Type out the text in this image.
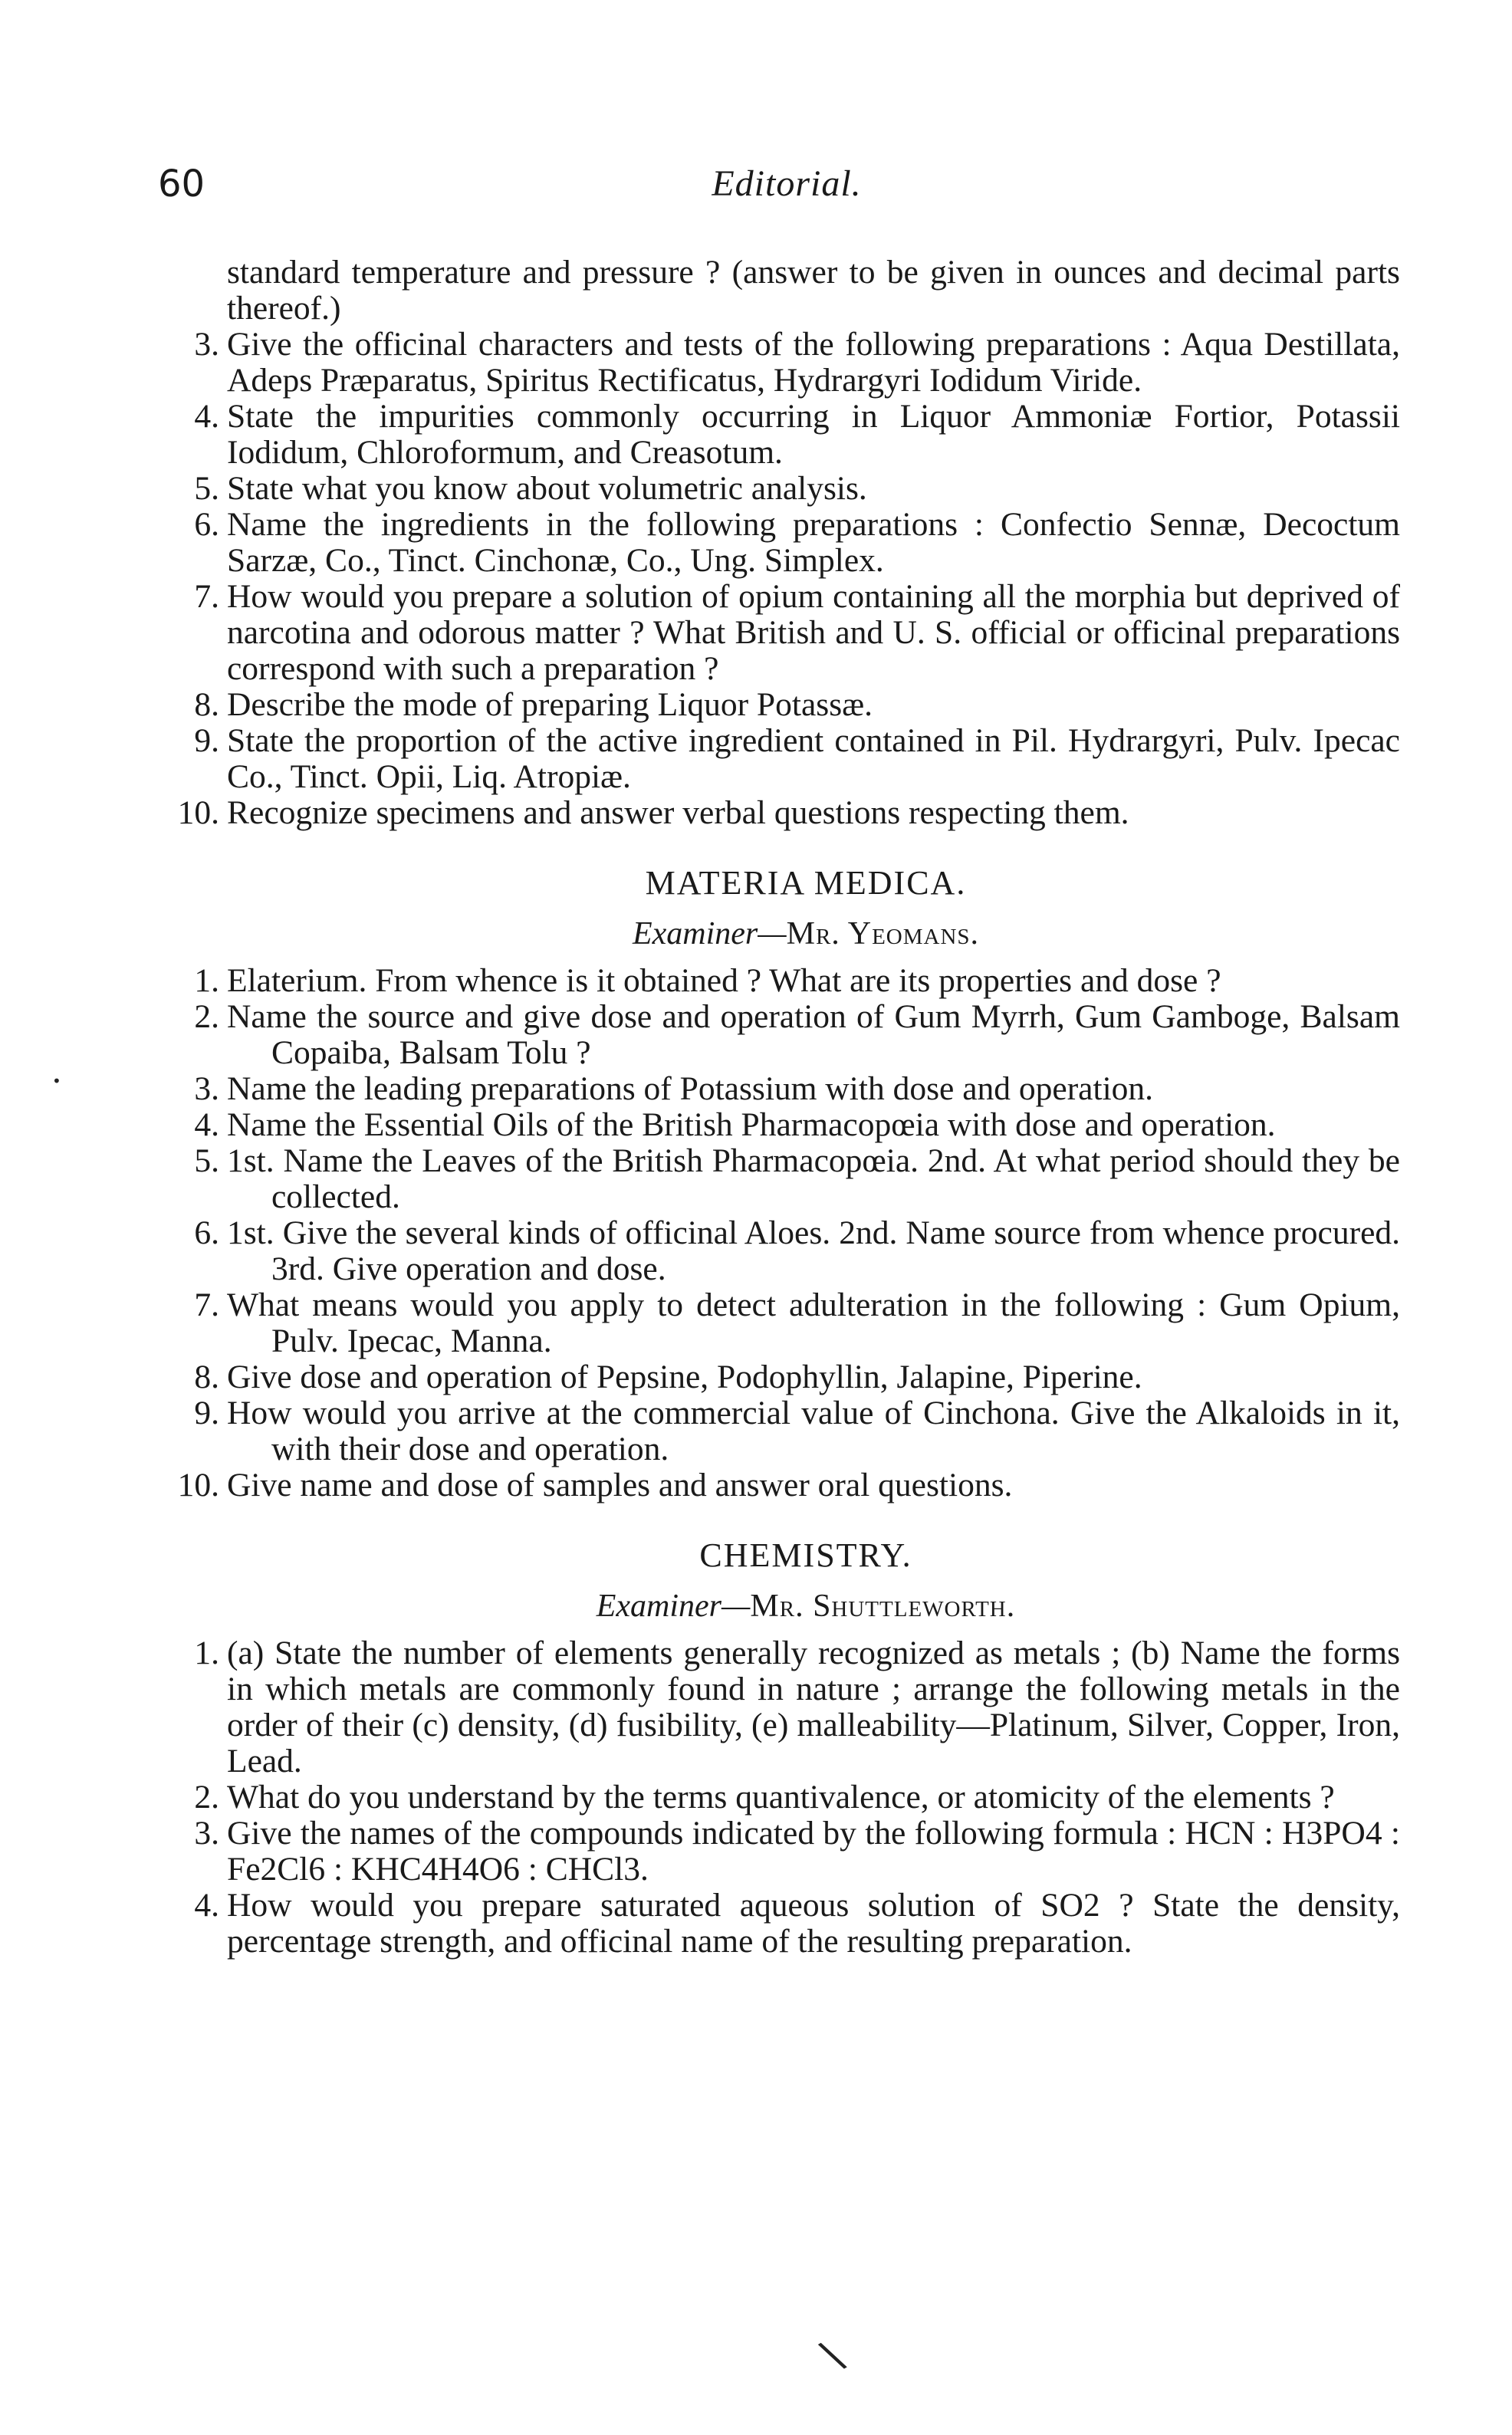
60	Editorial.
standard temperature and pressure ? (answer to be given in ounces and decimal parts thereof.)
3. Give the officinal characters and tests of the following preparations : Aqua Destillata, Adeps Præparatus, Spiritus Rectificatus, Hydrargyri Iodidum Viride.
4. State the impurities commonly occurring in Liquor Ammoniæ Fortior, Potassii Iodidum, Chloroformum, and Creasotum.
5. State what you know about volumetric analysis.
6. Name the ingredients in the following preparations : Confectio Sennæ, Decoctum Sarzæ, Co., Tinct. Cinchonæ, Co., Ung. Simplex.
7. How would you prepare a solution of opium containing all the morphia but deprived of narcotina and odorous matter ? What British and U. S. official or officinal preparations correspond with such a preparation ?
8. Describe the mode of preparing Liquor Potassæ.
9. State the proportion of the active ingredient contained in Pil. Hydrargyri, Pulv. Ipecac Co., Tinct. Opii, Liq. Atropiæ.
10. Recognize specimens and answer verbal questions respecting them.
MATERIA MEDICA.
Examiner—Mr. Yeomans.
1. Elaterium. From whence is it obtained ? What are its properties and dose ?
2. Name the source and give dose and operation of Gum Myrrh, Gum Gamboge, Balsam Copaiba, Balsam Tolu ?
3. Name the leading preparations of Potassium with dose and operation.
4. Name the Essential Oils of the British Pharmacopœia with dose and operation.
5. 1st. Name the Leaves of the British Pharmacopœia. 2nd. At what period should they be collected.
6. 1st. Give the several kinds of officinal Aloes. 2nd. Name source from whence procured. 3rd. Give operation and dose.
7. What means would you apply to detect adulteration in the following : Gum Opium, Pulv. Ipecac, Manna.
8. Give dose and operation of Pepsine, Podophyllin, Jalapine, Piperine.
9. How would you arrive at the commercial value of Cinchona. Give the Alkaloids in it, with their dose and operation.
10. Give name and dose of samples and answer oral questions.
CHEMISTRY.
Examiner—Mr. Shuttleworth.
1. (a) State the number of elements generally recognized as metals ; (b) Name the forms in which metals are commonly found in nature ; arrange the following metals in the order of their (c) density, (d) fusibility, (e) malleability—Platinum, Silver, Copper, Iron, Lead.
2. What do you understand by the terms quantivalence, or atomicity of the elements ?
3. Give the names of the compounds indicated by the following formula : HCN : H3PO4 : Fe2Cl6 : KHC4H4O6 : CHCl3.
4. How would you prepare saturated aqueous solution of SO2 ? State the density, percentage strength, and officinal name of the resulting preparation.
•
\
